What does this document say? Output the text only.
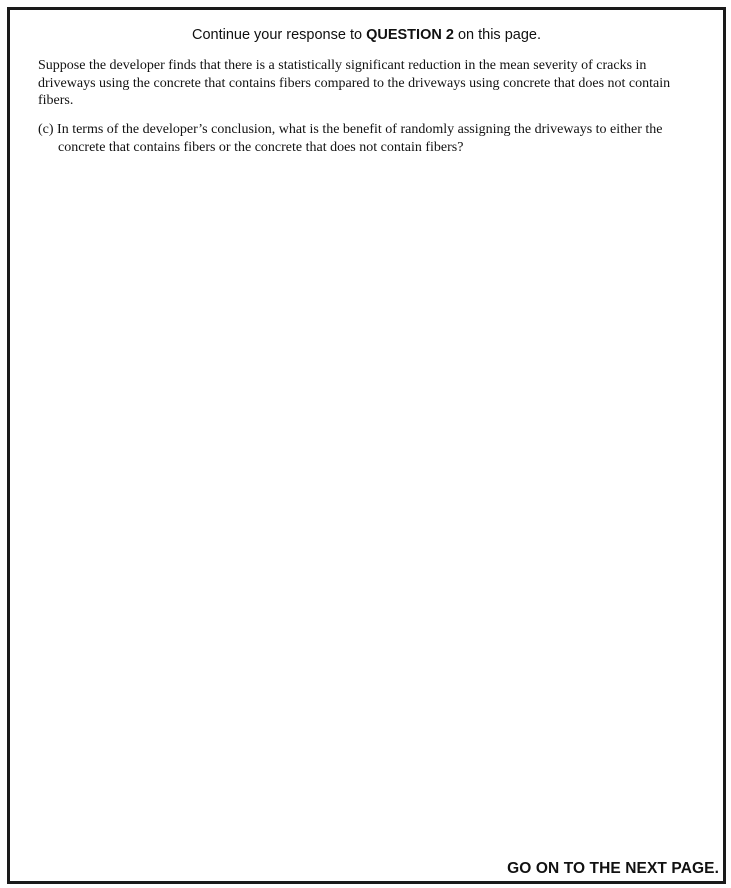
Continue your response to QUESTION 2 on this page.
Suppose the developer finds that there is a statistically significant reduction in the mean severity of cracks in driveways using the concrete that contains fibers compared to the driveways using concrete that does not contain fibers.
(c) In terms of the developer’s conclusion, what is the benefit of randomly assigning the driveways to either the concrete that contains fibers or the concrete that does not contain fibers?
GO ON TO THE NEXT PAGE.
